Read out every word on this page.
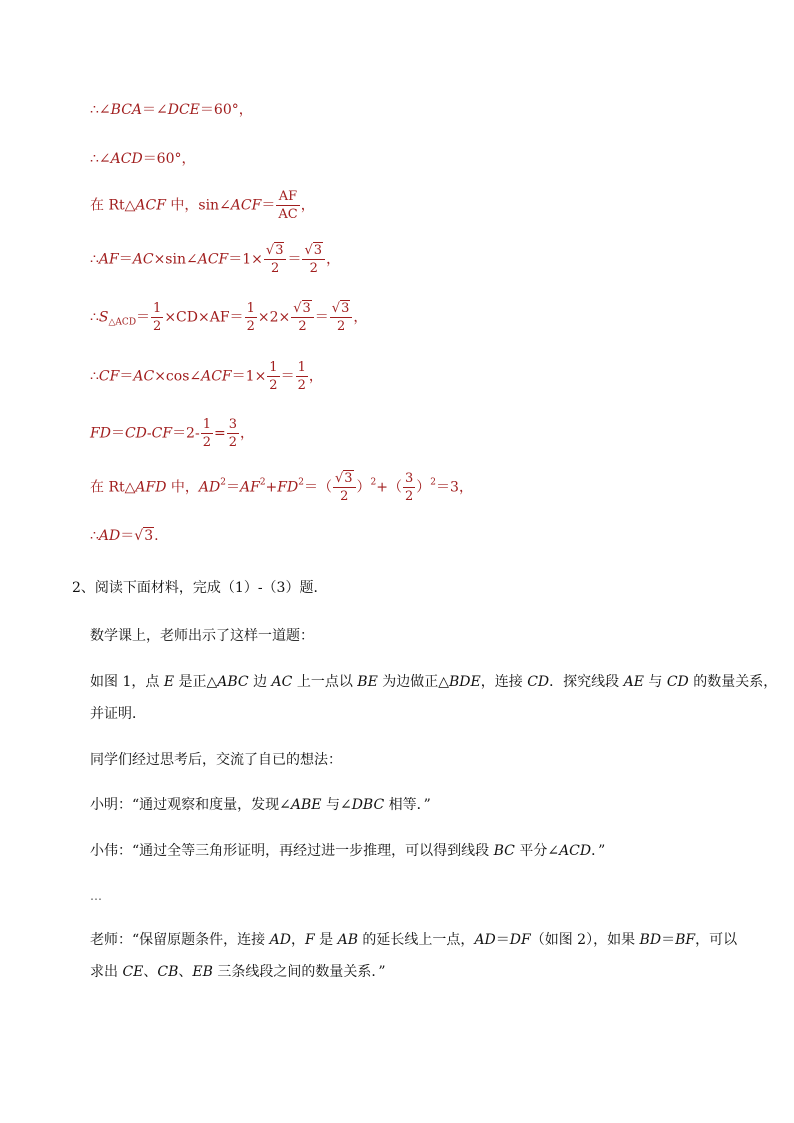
∴∠BCA＝∠DCE＝60°，
∴∠ACD＝60°，
在 Rt△ACF 中，sin∠ACF＝ $\frac{AF}{AC}$ ，
∴AF＝AC×sin∠ACF＝1× $\frac{√3}{2} = \frac{√3}{2}$ ，
$\therefore S_{\triangle ACD}= \frac{1}{2} \times CD\times AF= \frac{1}{2} \times 2\times \frac{√3}{2} = \frac{√3}{2}$ ，
∴CF＝AC×cos∠ACF＝1× $\frac{1}{2} = \frac{1}{2}$ ，
$FD=CD-CF=2- \frac{1}{2} = \frac{3}{2}$ ，
在 Rt△AFD 中，$AD^2=AF^2+FD^2=( \frac{√3}{2} )^2+( \frac{3}{2} )^2=3$，
∴AD＝√3.
2、阅读下面材料，完成（1）-（3）题．
数学课上，老师出示了这样一道题：
如图 1，点 E 是正△ABC 边 AC 上一点以 BE 为边做正△BDE，连接 CD．探究线段 AE 与 CD 的数量关系，
并证明．
同学们经过思考后，交流了自已的想法：
小明：“通过观察和度量，发现∠ABE 与∠DBC 相等．”
小伟：“通过全等三角形证明，再经过进一步推理，可以得到线段 BC 平分∠ACD．”
…
老师：“保留原题条件，连接 AD，F 是 AB 的延长线上一点，AD＝DF（如图 2），如果 BD＝BF，可以
求出 CE、CB、EB 三条线段之间的数量关系．”
